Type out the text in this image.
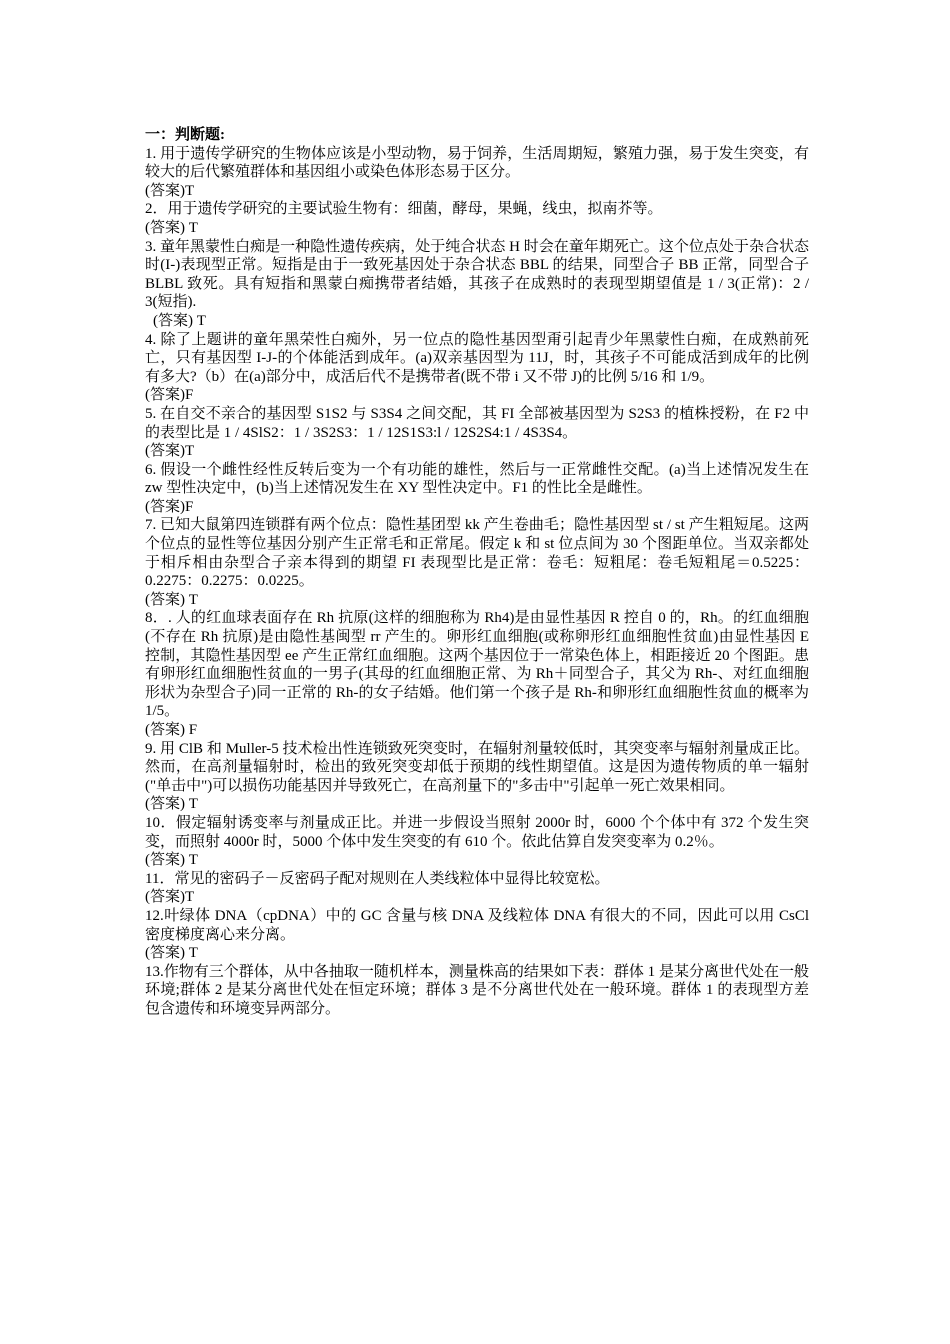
一：判断题:

1. 用于遗传学研究的生物体应该是小型动物，易于饲养，生活周期短，繁殖力强，易于发生突变，有较大的后代繁殖群体和基因组小或染色体形态易于区分。

(答案)T

2．用于遗传学研究的主要试验生物有：细菌，酵母，果蝇，线虫，拟南芥等。

(答案) T

3. 童年黑蒙性白痴是一种隐性遗传疾病，处于纯合状态 H 时会在童年期死亡。这个位点处于杂合状态时(I-)表现型正常。短指是由于一致死基因处于杂合状态 BBL 的结果，同型合子 BB 正常，同型合子 BLBL 致死。具有短指和黑蒙白痴携带者结婚，其孩子在成熟时的表现型期望值是 1 / 3(正常)：2 / 3(短指).

(答案) T

4. 除了上题讲的童年黑荣性白痴外，另一位点的隐性基因型甭引起青少年黑蒙性白痴，在成熟前死亡，只有基因型 I-J-的个体能活到成年。(a)双亲基因型为 11J，时，其孩子不可能成活到成年的比例有多大?（b）在(a)部分中，成活后代不是携带者(既不带 i 又不带 J)的比例 5/16 和 1/9。

(答案)F

5. 在自交不亲合的基因型 S1S2 与 S3S4 之间交配，其 FI 全部被基因型为 S2S3 的植株授粉，在 F2 中的表型比是 1 / 4SlS2：1 / 3S2S3：1 / 12S1S3:l / 12S2S4:1 / 4S3S4。

(答案)T

6. 假设一个雌性经性反转后变为一个有功能的雄性，然后与一正常雌性交配。(a)当上述情况发生在 zw 型性决定中，(b)当上述情况发生在 XY 型性决定中。F1 的性比全是雌性。

(答案)F

7. 已知大鼠第四连锁群有两个位点：隐性基团型 kk 产生卷曲毛；隐性基因型 st / st 产生粗短尾。这两个位点的显性等位基因分别产生正常毛和正常尾。假定 k 和 st 位点间为 30 个图距单位。当双亲都处于相斥相由杂型合子亲本得到的期望 FI 表现型比是正常：卷毛：短粗尾：卷毛短粗尾＝0.5225：0.2275：0.2275：0.0225。

(答案) T

8．. 人的红血球表面存在 Rh 抗原(这样的细胞称为 Rh4)是由显性基因 R 控自 0 的，Rh。的红血细胞(不存在 Rh 抗原)是由隐性基闽型 rr 产生的。卵形红血细胞(或称卵形红血细胞性贫血)由显性基因 E 控制，其隐性基因型 ee 产生正常红血细胞。这两个基因位于一常染色体上，相距接近 20 个图距。患有卵形红血细胞性贫血的一男子(其母的红血细胞正常、为 Rh＋同型合子，其父为 Rh-、对红血细胞形状为杂型合子)同一正常的 Rh-的女子结婚。他们第一个孩子是 Rh-和卵形红血细胞性贫血的概率为 1/5。

(答案) F

9. 用 ClB 和 Muller-5 技术检出性连锁致死突变时，在辐射剂量较低时，其突变率与辐射剂量成正比。然而，在高剂量辐射时，检出的致死突变却低于预期的线性期望值。这是因为遗传物质的单一辐射("单击中")可以损伤功能基因并导致死亡，在高剂量下的"多击中"引起单一死亡效果相同。

(答案) T

10．假定辐射诱变率与剂量成正比。并进一步假设当照射 2000r 时，6000 个个体中有 372 个发生突变，而照射 4000r 时，5000 个体中发生突变的有 610 个。依此估算自发突变率为 0.2％。

(答案) T

11．常见的密码子－反密码子配对规则在人类线粒体中显得比较宽松。

(答案)T

12.叶绿体 DNA（cpDNA）中的 GC 含量与核 DNA 及线粒体 DNA 有很大的不同，因此可以用 CsCl 密度梯度离心来分离。

(答案) T

13.作物有三个群体，从中各抽取一随机样本，测量株高的结果如下表：群体 1 是某分离世代处在一般环境;群体 2 是某分离世代处在恒定环境；群体 3 是不分离世代处在一般环境。群体 1 的表现型方差包含遗传和环境变异两部分。
